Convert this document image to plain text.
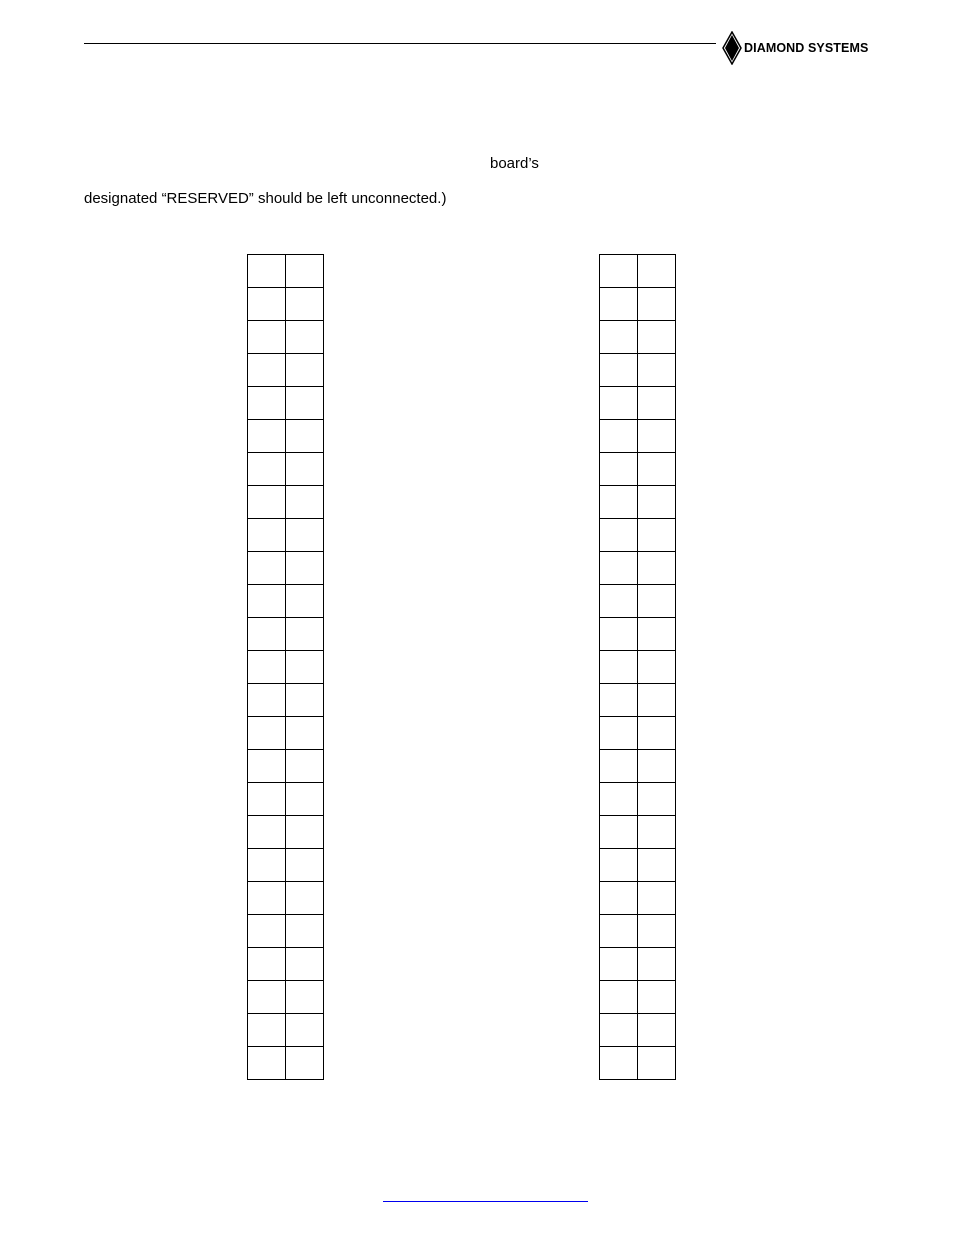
DIAMOND SYSTEMS
board’s
designated “RESERVED” should be left unconnected.)
